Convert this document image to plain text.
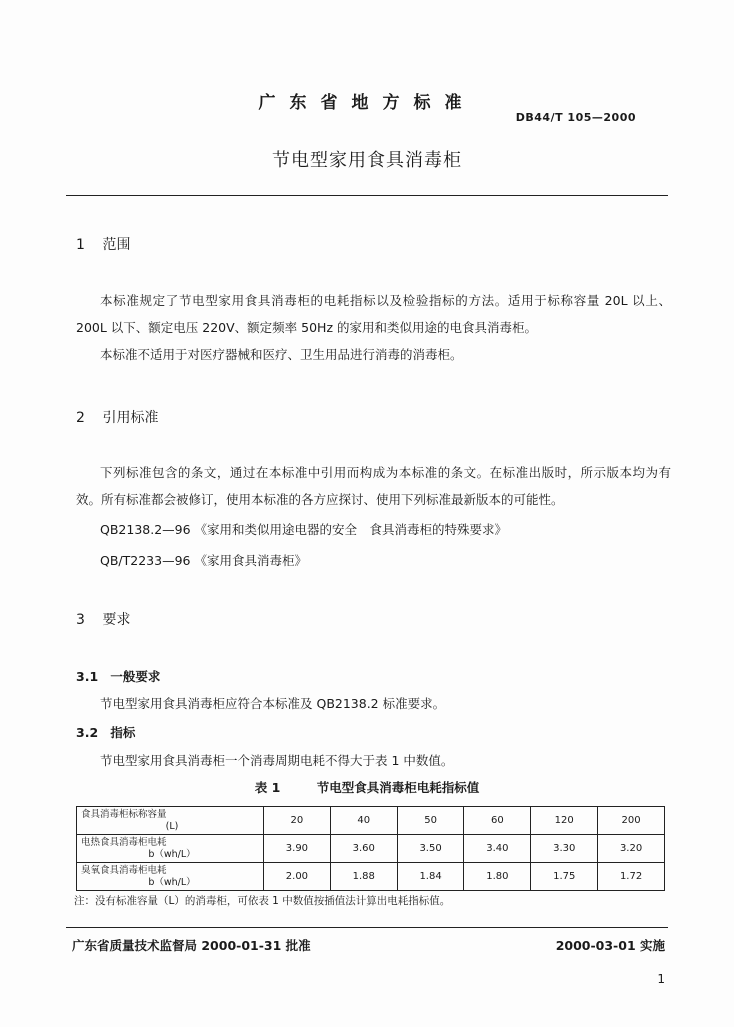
广东省地方标准
DB44/T 105—2000
节电型家用食具消毒柜
1 范围
本标准规定了节电型家用食具消毒柜的电耗指标以及检验指标的方法。适用于标称容量 20L 以上、200L 以下、额定电压 220V、额定频率 50Hz 的家用和类似用途的电食具消毒柜。
本标准不适用于对医疗器械和医疗、卫生用品进行消毒的消毒柜。
2 引用标准
下列标准包含的条文，通过在本标准中引用而构成为本标准的条文。在标准出版时，所示版本均为有效。所有标准都会被修订，使用本标准的各方应探讨、使用下列标准最新版本的可能性。
QB2138.2—96 《家用和类似用途电器的安全　食具消毒柜的特殊要求》
QB/T2233—96 《家用食具消毒柜》
3 要求
3.1 一般要求
节电型家用食具消毒柜应符合本标准及 QB2138.2 标准要求。
3.2 指标
节电型家用食具消毒柜一个消毒周期电耗不得大于表 1 中数值。
表 1	节电型食具消毒柜电耗指标值
食具消毒柜标称容量
(L)	20	40	50	60	120	200

电热食具消毒柜电耗
b（wh/L）	3.90	3.60	3.50	3.40	3.30	3.20

臭氧食具消毒柜电耗
b（wh/L）	2.00	1.88	1.84	1.80	1.75	1.72
注：没有标准容量（L）的消毒柜，可依表 1 中数值按插值法计算出电耗指标值。
广东省质量技术监督局 2000-01-31 批准	2000-03-01 实施
1
